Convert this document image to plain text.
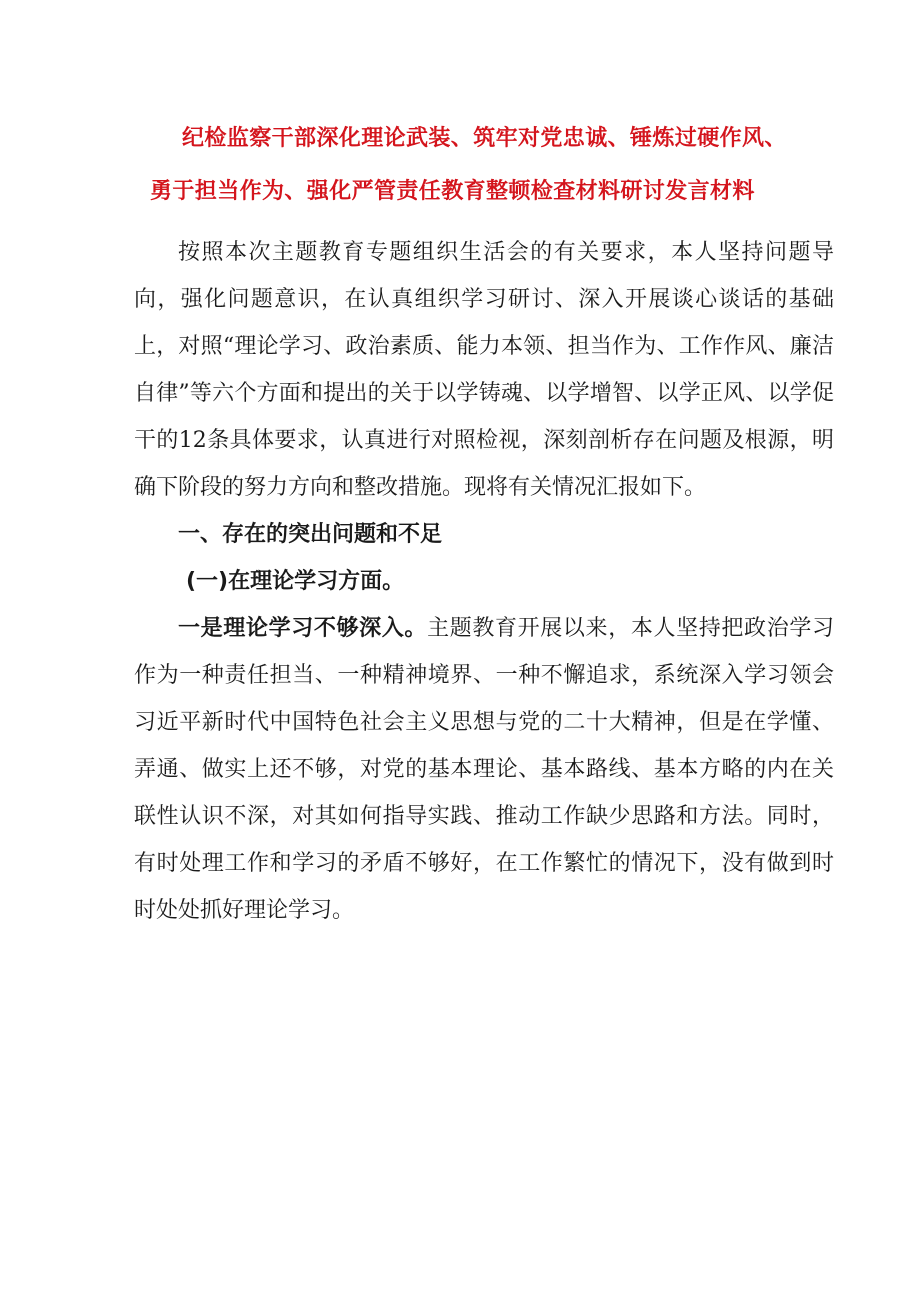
纪检监察干部深化理论武装、筑牢对党忠诚、锤炼过硬作风、
勇于担当作为、强化严管责任教育整顿检查材料研讨发言材料

按照本次主题教育专题组织生活会的有关要求，本人坚持问题导向，强化问题意识，在认真组织学习研讨、深入开展谈心谈话的基础上，对照“理论学习、政治素质、能力本领、担当作为、工作作风、廉洁自律”等六个方面和提出的关于以学铸魂、以学增智、以学正风、以学促干的12条具体要求，认真进行对照检视，深刻剖析存在问题及根源，明确下阶段的努力方向和整改措施。现将有关情况汇报如下。

一、存在的突出问题和不足

(一)在理论学习方面。

一是理论学习不够深入。主题教育开展以来，本人坚持把政治学习作为一种责任担当、一种精神境界、一种不懈追求，系统深入学习领会习近平新时代中国特色社会主义思想与党的二十大精神，但是在学懂、弄通、做实上还不够，对党的基本理论、基本路线、基本方略的内在关联性认识不深，对其如何指导实践、推动工作缺少思路和方法。同时，有时处理工作和学习的矛盾不够好，在工作繁忙的情况下，没有做到时时处处抓好理论学习。
